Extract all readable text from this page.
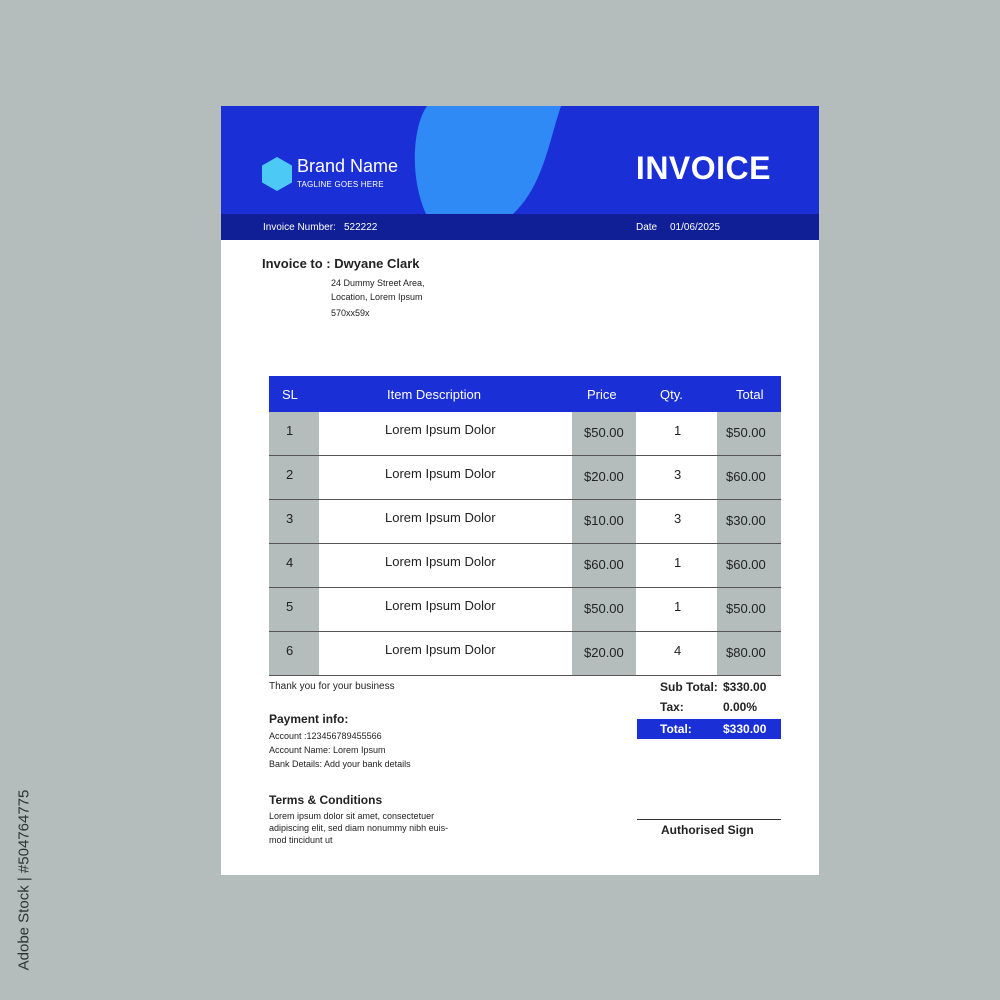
Adobe Stock | #504764775
Brand Name
TAGLINE GOES HERE	INVOICE
Invoice Number: 522222	Date 01/06/2025
Invoice to : Dwyane Clark
24 Dummy Street Area,
Location, Lorem Ipsum
570xx59x
SL	Item Description	Price	Qty.	Total
1	Lorem Ipsum Dolor	$50.00	1	$50.00
2	Lorem Ipsum Dolor	$20.00	3	$60.00
3	Lorem Ipsum Dolor	$10.00	3	$30.00
4	Lorem Ipsum Dolor	$60.00	1	$60.00
5	Lorem Ipsum Dolor	$50.00	1	$50.00
6	Lorem Ipsum Dolor	$20.00	4	$80.00
Thank you for your business	Sub Total: $330.00
Tax:	0.00%
Total:	$330.00
Payment info:
Account :123456789455566
Account Name: Lorem Ipsum
Bank Details: Add your bank details
Terms & Conditions
Lorem ipsum dolor sit amet, consectetuer
adipiscing elit, sed diam nonummy nibh euis-
mod tincidunt ut
Authorised Sign
